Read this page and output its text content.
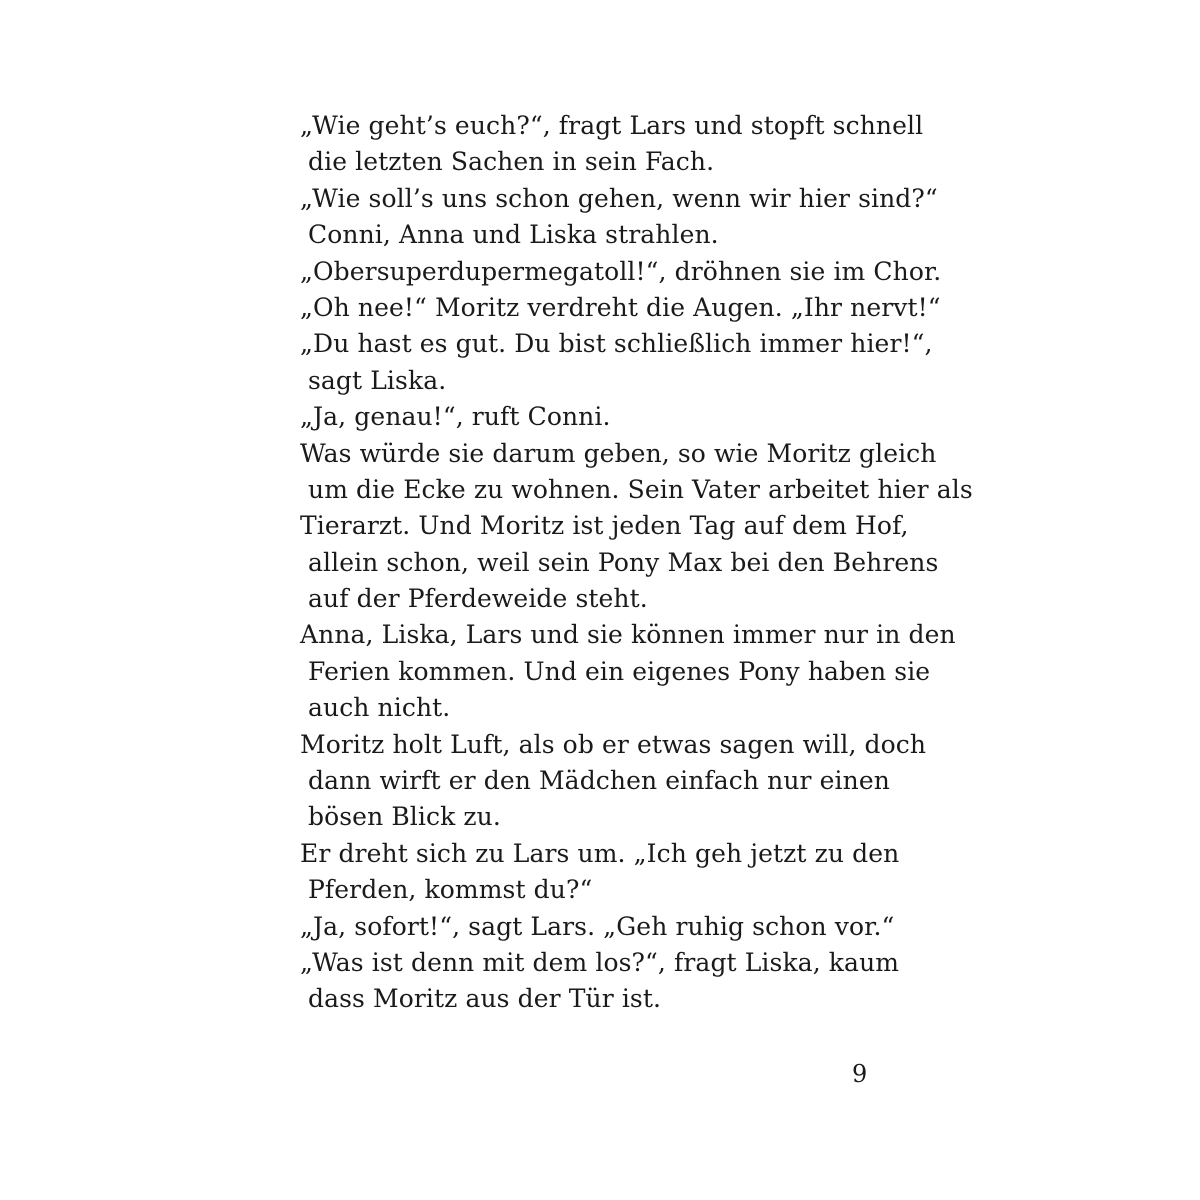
„Wie geht’s euch?“, fragt Lars und stopft schnell
die letzten Sachen in sein Fach.
„Wie soll’s uns schon gehen, wenn wir hier sind?“
Conni, Anna und Liska strahlen.
„Obersuperdupermegatoll!“, dröhnen sie im Chor.
„Oh nee!“ Moritz verdreht die Augen. „Ihr nervt!“
„Du hast es gut. Du bist schließlich immer hier!“,
sagt Liska.
„Ja, genau!“, ruft Conni.
Was würde sie darum geben, so wie Moritz gleich
um die Ecke zu wohnen. Sein Vater arbeitet hier als
Tierarzt. Und Moritz ist jeden Tag auf dem Hof,
allein schon, weil sein Pony Max bei den Behrens
auf der Pferdeweide steht.
Anna, Liska, Lars und sie können immer nur in den
Ferien kommen. Und ein eigenes Pony haben sie
auch nicht.
Moritz holt Luft, als ob er etwas sagen will, doch
dann wirft er den Mädchen einfach nur einen
bösen Blick zu.
Er dreht sich zu Lars um. „Ich geh jetzt zu den
Pferden, kommst du?“
„Ja, sofort!“, sagt Lars. „Geh ruhig schon vor.“
„Was ist denn mit dem los?“, fragt Liska, kaum
dass Moritz aus der Tür ist.
9
